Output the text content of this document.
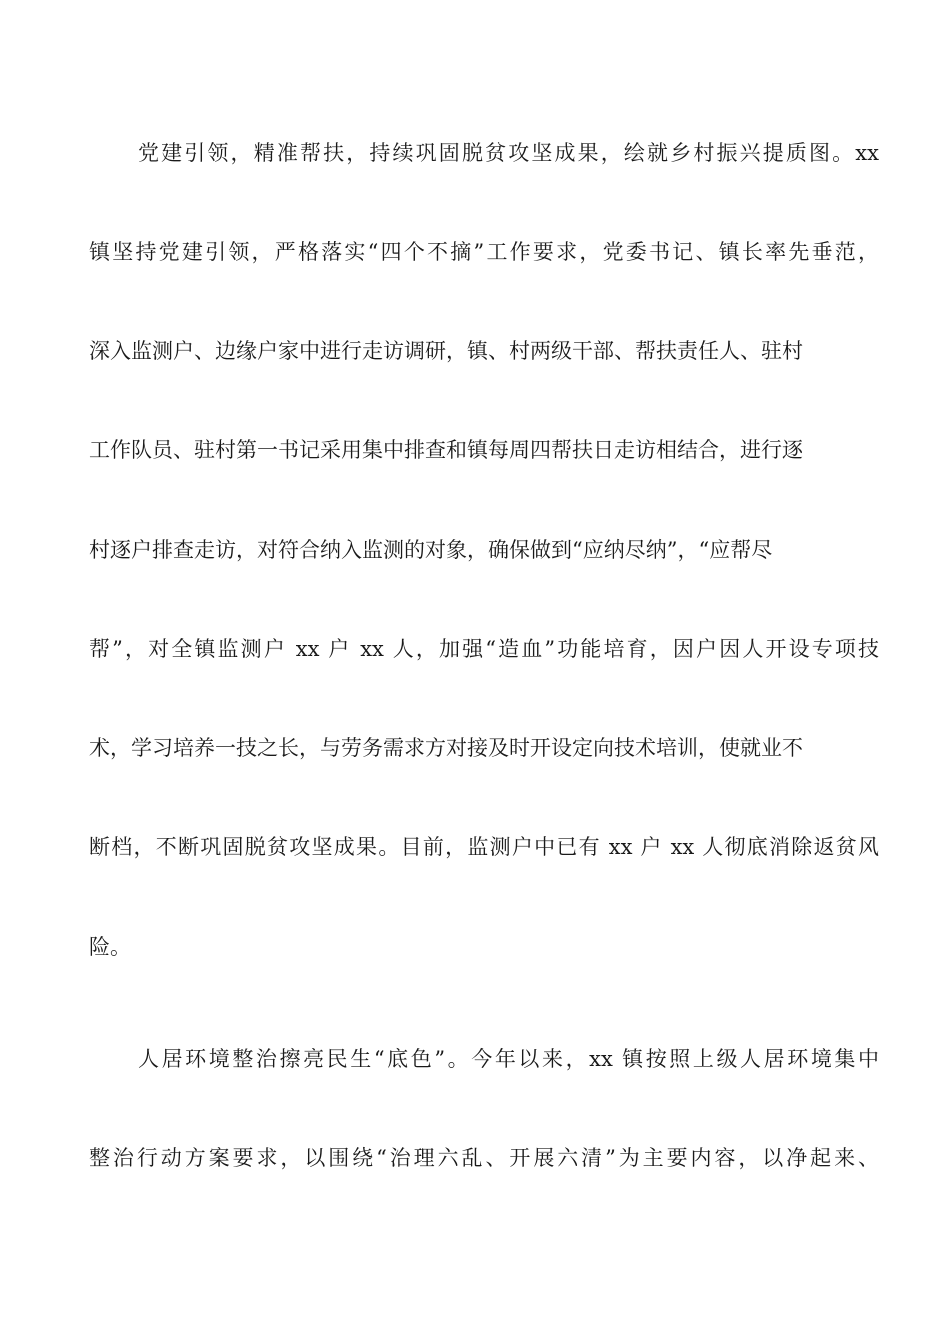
党建引领，精准帮扶，持续巩固脱贫攻坚成果，绘就乡村振兴提质图。xx
镇坚持党建引领，严格落实“四个不摘”工作要求，党委书记、镇长率先垂范，
深入监测户、边缘户家中进行走访调研，镇、村两级干部、帮扶责任人、驻村
工作队员、驻村第一书记采用集中排查和镇每周四帮扶日走访相结合，进行逐
村逐户排查走访，对符合纳入监测的对象，确保做到“应纳尽纳”，“应帮尽
帮”，对全镇监测户 xx 户 xx 人，加强“造血”功能培育，因户因人开设专项技
术，学习培养一技之长，与劳务需求方对接及时开设定向技术培训，使就业不
断档，不断巩固脱贫攻坚成果。目前，监测户中已有 xx 户 xx 人彻底消除返贫风
险。
人居环境整治擦亮民生“底色”。今年以来，xx 镇按照上级人居环境集中
整治行动方案要求，以围绕“治理六乱、开展六清”为主要内容，以净起来、
